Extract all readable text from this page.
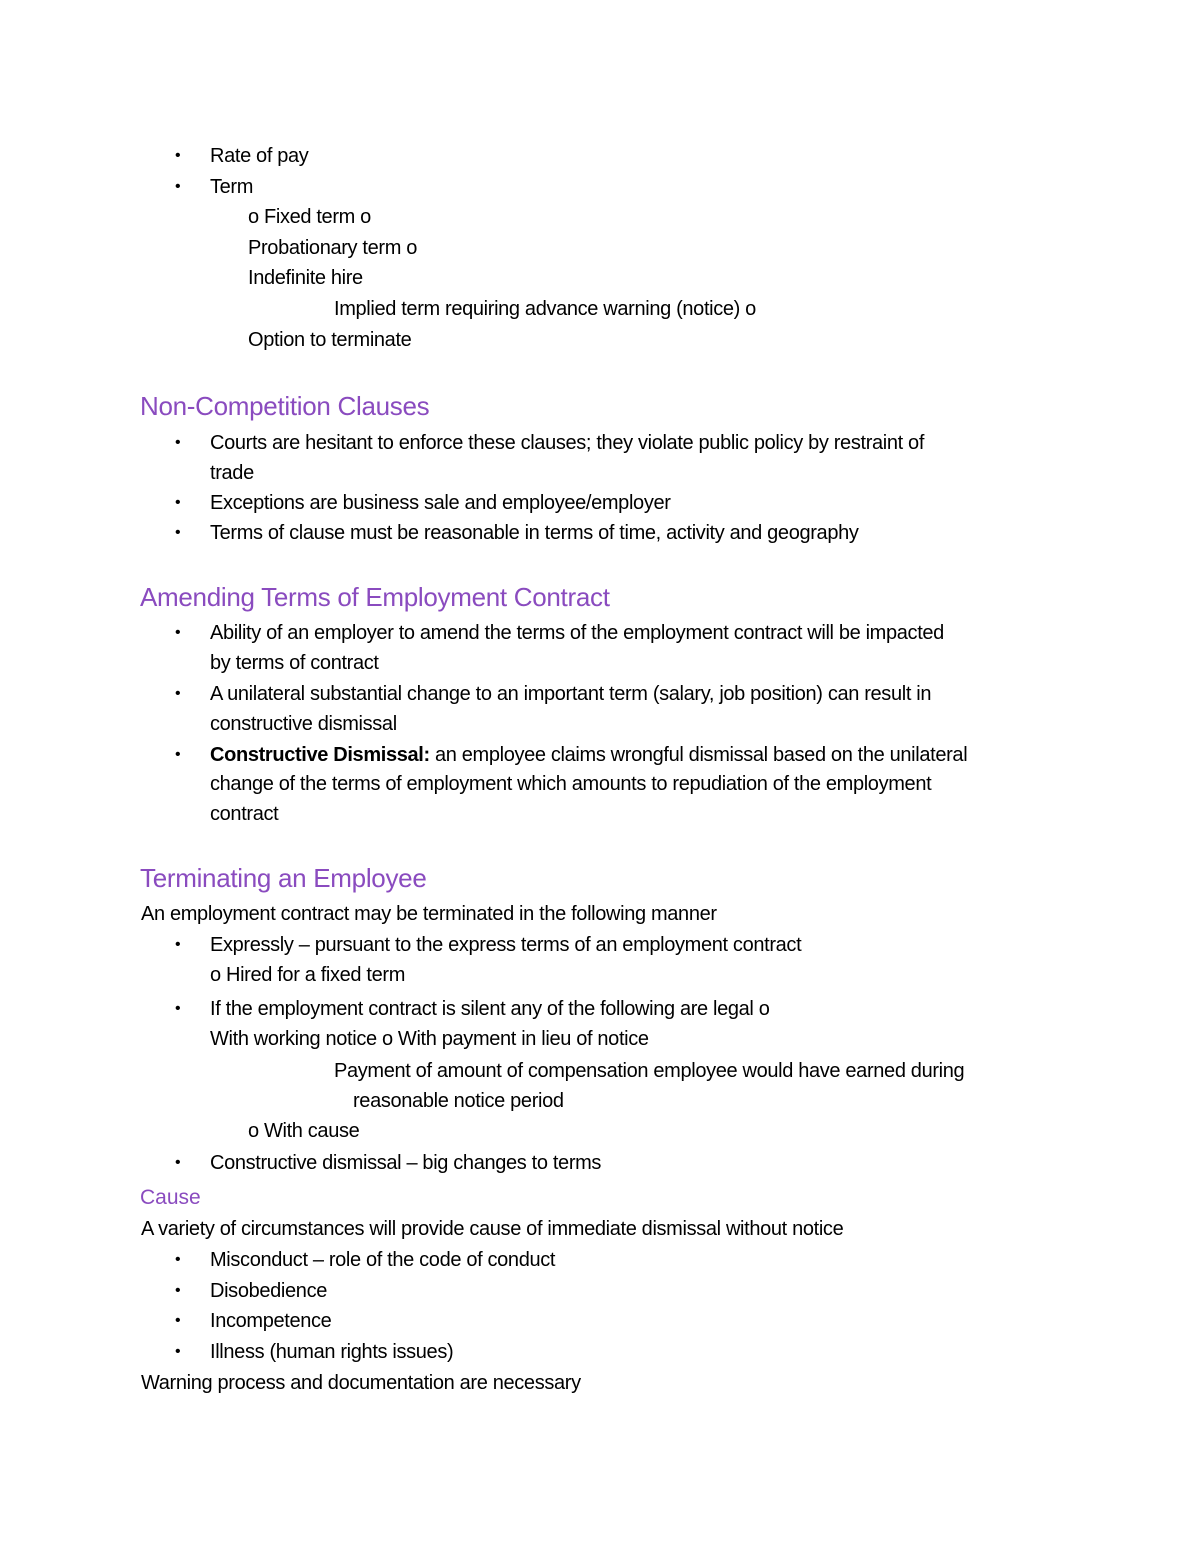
• Rate of pay
• Term
o Fixed term o
Probationary term o
Indefinite hire
Implied term requiring advance warning (notice) o
Option to terminate
Non-Competition Clauses
• Courts are hesitant to enforce these clauses; they violate public policy by restraint of
trade
• Exceptions are business sale and employee/employer
• Terms of clause must be reasonable in terms of time, activity and geography
Amending Terms of Employment Contract
• Ability of an employer to amend the terms of the employment contract will be impacted
by terms of contract
• A unilateral substantial change to an important term (salary, job position) can result in
constructive dismissal
• Constructive Dismissal: an employee claims wrongful dismissal based on the unilateral
change of the terms of employment which amounts to repudiation of the employment
contract
Terminating an Employee
An employment contract may be terminated in the following manner
• Expressly – pursuant to the express terms of an employment contract
o Hired for a fixed term
• If the employment contract is silent any of the following are legal o
With working notice o With payment in lieu of notice
Payment of amount of compensation employee would have earned during
reasonable notice period
o With cause
• Constructive dismissal – big changes to terms
Cause
A variety of circumstances will provide cause of immediate dismissal without notice
• Misconduct – role of the code of conduct
• Disobedience
• Incompetence
• Illness (human rights issues)
Warning process and documentation are necessary
